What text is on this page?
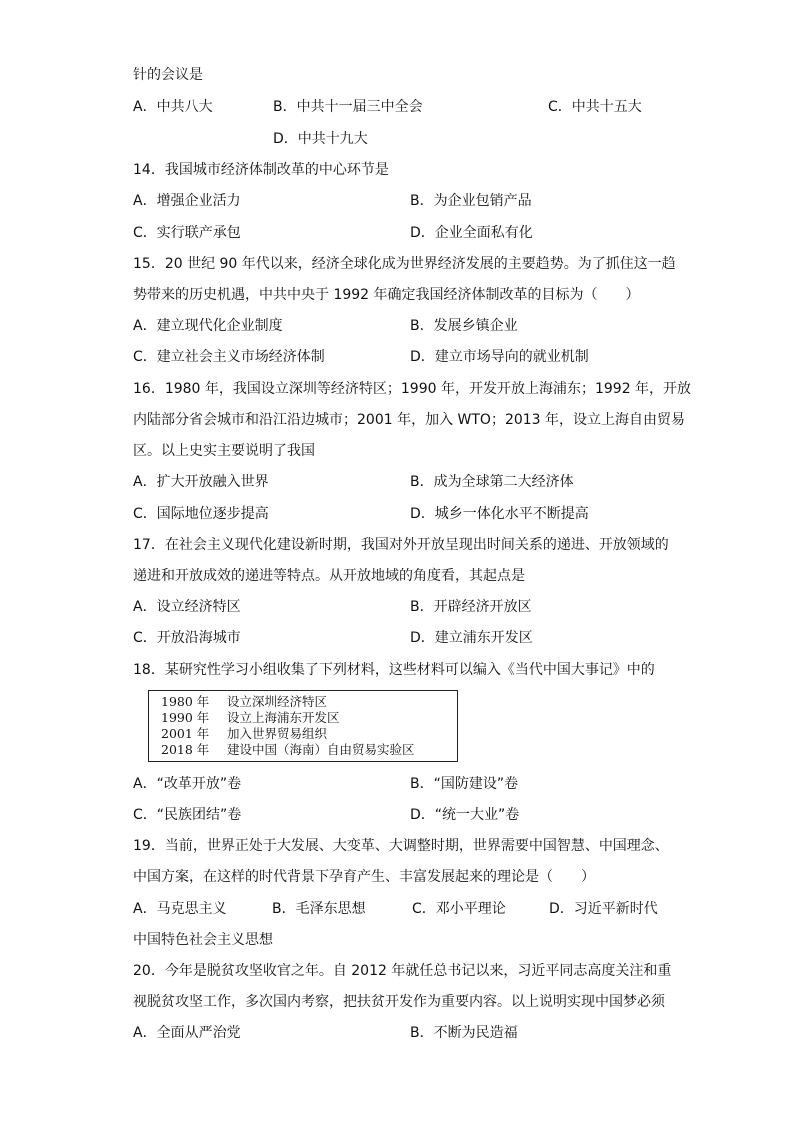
针的会议是
A．中共八大	B．中共十一届三中全会	C．中共十五大
D．中共十九大
14．我国城市经济体制改革的中心环节是
A．增强企业活力	B．为企业包销产品
C．实行联产承包	D．企业全面私有化
15．20 世纪 90 年代以来，经济全球化成为世界经济发展的主要趋势。为了抓住这一趋
势带来的历史机遇，中共中央于 1992 年确定我国经济体制改革的目标为（　　）
A．建立现代化企业制度	B．发展乡镇企业
C．建立社会主义市场经济体制	D．建立市场导向的就业机制
16．1980 年，我国设立深圳等经济特区；1990 年，开发开放上海浦东；1992 年，开放
内陆部分省会城市和沿江沿边城市；2001 年，加入 WTO；2013 年，设立上海自由贸易
区。以上史实主要说明了我国
A．扩大开放融入世界	B．成为全球第二大经济体
C．国际地位逐步提高	D．城乡一体化水平不断提高
17．在社会主义现代化建设新时期，我国对外开放呈现出时间关系的递进、开放领域的
递进和开放成效的递进等特点。从开放地域的角度看，其起点是
A．设立经济特区	B．开辟经济开放区
C．开放沿海城市	D．建立浦东开发区
18．某研究性学习小组收集了下列材料，这些材料可以编入《当代中国大事记》中的
1980 年 设立深圳经济特区
1990 年 设立上海浦东开发区
2001 年 加入世界贸易组织
2018 年 建设中国（海南）自由贸易实验区
A．“改革开放”卷	B．“国防建设”卷
C．“民族团结”卷	D．“统一大业”卷
19．当前，世界正处于大发展、大变革、大调整时期，世界需要中国智慧、中国理念、
中国方案，在这样的时代背景下孕育产生、丰富发展起来的理论是（　　）
A．马克思主义	B．毛泽东思想	C．邓小平理论	D．习近平新时代
中国特色社会主义思想
20．今年是脱贫攻坚收官之年。自 2012 年就任总书记以来，习近平同志高度关注和重
视脱贫攻坚工作，多次国内考察，把扶贫开发作为重要内容。以上说明实现中国梦必须
A．全面从严治党	B．不断为民造福
